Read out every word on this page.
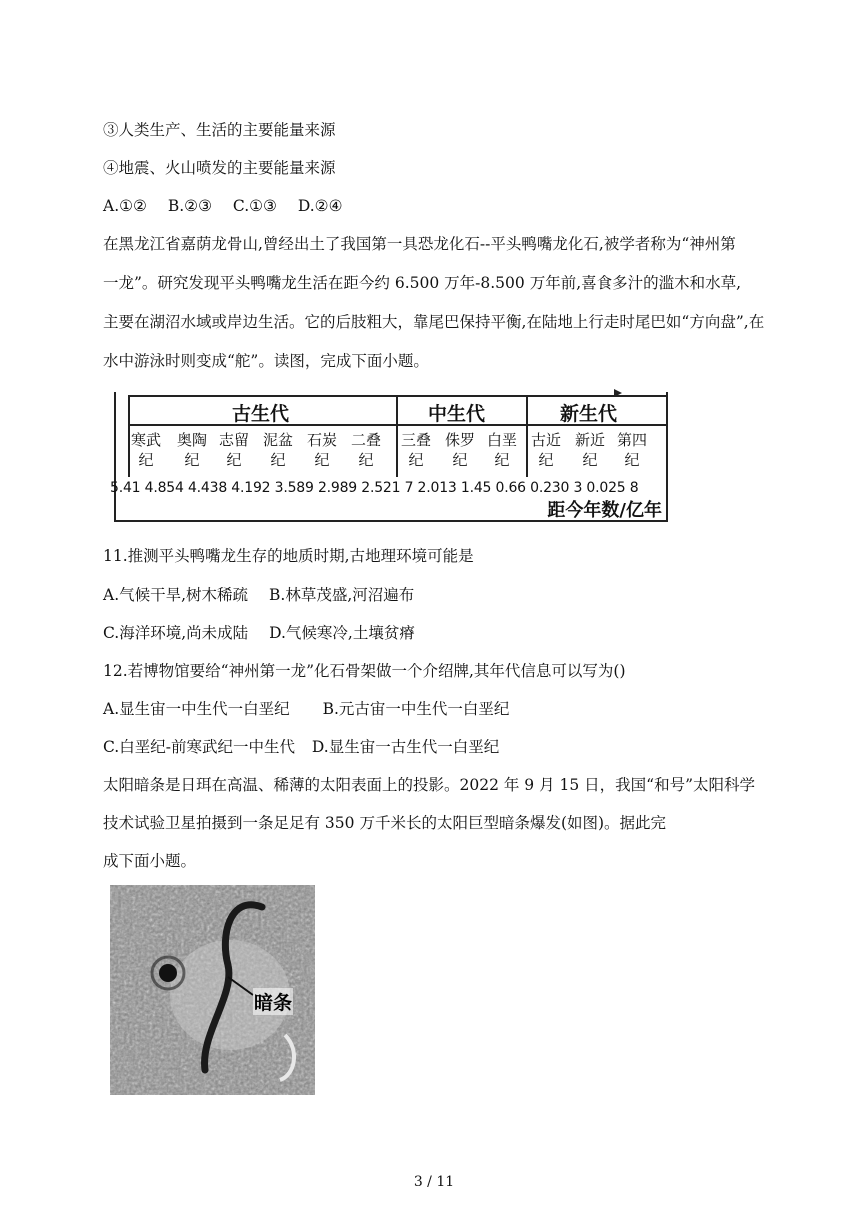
③人类生产、生活的主要能量来源
④地震、火山喷发的主要能量来源
A.①② B.②③ C.①③ D.②④
在黑龙江省嘉荫龙骨山,曾经出土了我国第一具恐龙化石--平头鸭嘴龙化石,被学者称为“神州第
一龙”。研究发现平头鸭嘴龙生活在距今约 6.500 万年-8.500 万年前,喜食多汁的滥木和水草,
主要在湖沼水域或岸边生活。它的后肢粗大，靠尾巴保持平衡,在陆地上行走时尾巴如“方向盘”,在
水中游泳时则变成“舵”。读图，完成下面小题。
古生代	中生代	新生代
寒武
纪
奥陶
纪
志留
纪
泥盆
纪
石炭
纪
二叠
纪
三叠
纪
侏罗
纪
白垩
纪
古近
纪
新近
纪
第四
纪
5.41 4.854 4.438 4.192 3.589 2.989 2.521 7 2.013 1.45 0.66 0.230 3 0.025 8
距今年数/亿年
11.推测平头鸭嘴龙生存的地质时期,古地理环境可能是
A.气候干旱,树木稀疏 B.林草茂盛,河沼遍布
C.海洋环境,尚未成陆 D.气候寒冷,土壤贫瘠
12.若博物馆要给“神州第一龙”化石骨架做一个介绍牌,其年代信息可以写为()
A.显生宙一中生代一白垩纪 B.元古宙一中生代一白垩纪
C.白垩纪-前寒武纪一中生代 D.显生宙一古生代一白垩纪
太阳暗条是日珥在高温、稀薄的太阳表面上的投影。2022 年 9 月 15 日，我国“和号”太阳科学
技术试验卫星拍摄到一条足足有 350 万千米长的太阳巨型暗条爆发(如图)。据此完
成下面小题。
暗条
3 / 11
